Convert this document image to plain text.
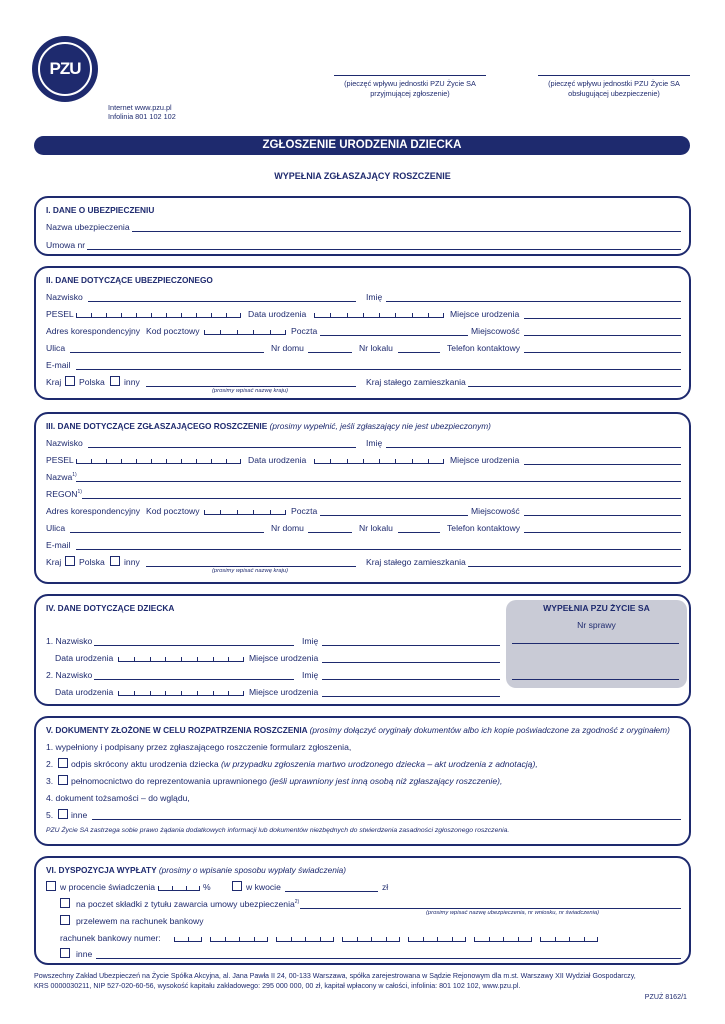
PZU
Internet www.pzu.pl
Infolinia 801 102 102
(pieczęć wpływu jednostki PZU Życie SA
przyjmującej zgłoszenie)
(pieczęć wpływu jednostki PZU Życie SA
obsługującej ubezpieczenie)
ZGŁOSZENIE URODZENIA DZIECKA
WYPEŁNIA ZGŁASZAJĄCY ROSZCZENIE
I. DANE O UBEZPIECZENIU
Nazwa ubezpieczenia
Umowa nr
II. DANE DOTYCZĄCE UBEZPIECZONEGO
Nazwisko	Imię
PESEL	Data urodzenia	Miejsce urodzenia
Adres korespondencyjny Kod pocztowy	Poczta	Miejscowość
Ulica	Nr domu	Nr lokalu	Telefon kontaktowy
E-mail
Kraj Polska inny
(prosimy wpisać nazwę kraju)
Kraj stałego zamieszkania
III. DANE DOTYCZĄCE ZGŁASZAJĄCEGO ROSZCZENIE (prosimy wypełnić, jeśli zgłaszający nie jest ubezpieczonym)
Nazwisko	Imię
PESEL	Data urodzenia	Miejsce urodzenia
Nazwa$^{1)}$
REGON$^{1)}$
Adres korespondencyjny Kod pocztowy	Poczta	Miejscowość
Ulica	Nr domu	Nr lokalu	Telefon kontaktowy
E-mail
Kraj Polska inny
(prosimy wpisać nazwę kraju)
Kraj stałego zamieszkania
IV. DANE DOTYCZĄCE DZIECKA
1. Nazwisko	Imię
Data urodzenia	Miejsce urodzenia
2. Nazwisko	Imię
Data urodzenia	Miejsce urodzenia
WYPEŁNIA PZU ŻYCIE SA
Nr sprawy
V. DOKUMENTY ZŁOŻONE W CELU ROZPATRZENIA ROSZCZENIA (prosimy dołączyć oryginały dokumentów albo ich kopie poświadczone za zgodność z oryginałem)
1. wypełniony i podpisany przez zgłaszającego roszczenie formularz zgłoszenia,
2. odpis skrócony aktu urodzenia dziecka (w przypadku zgłoszenia martwo urodzonego dziecka – akt urodzenia z adnotacją),
3. pełnomocnictwo do reprezentowania uprawnionego (jeśli uprawniony jest inną osobą niż zgłaszający roszczenie),
4. dokument tożsamości – do wglądu,
5. inne
PZU Życie SA zastrzega sobie prawo żądania dodatkowych informacji lub dokumentów niezbędnych do stwierdzenia zasadności zgłoszonego roszczenia.
VI. DYSPOZYCJA WYPŁATY (prosimy o wpisanie sposobu wypłaty świadczenia)
w procencie świadczenia	%	w kwocie	zł
na poczet składki z tytułu zawarcia umowy ubezpieczenia$^{2)}$
(prosimy wpisać nazwę ubezpieczenia, nr wniosku, nr świadczenia)
przelewem na rachunek bankowy
rachunek bankowy numer:
inne
Powszechny Zakład Ubezpieczeń na Życie Spółka Akcyjna, al. Jana Pawła II 24, 00-133 Warszawa, spółka zarejestrowana w Sądzie Rejonowym dla m.st. Warszawy XII Wydział Gospodarczy,
KRS 0000030211, NIP 527-020-60-56, wysokość kapitału zakładowego: 295 000 000, 00 zł, kapitał wpłacony w całości, infolinia: 801 102 102, www.pzu.pl.
PZUŻ 8162/1
